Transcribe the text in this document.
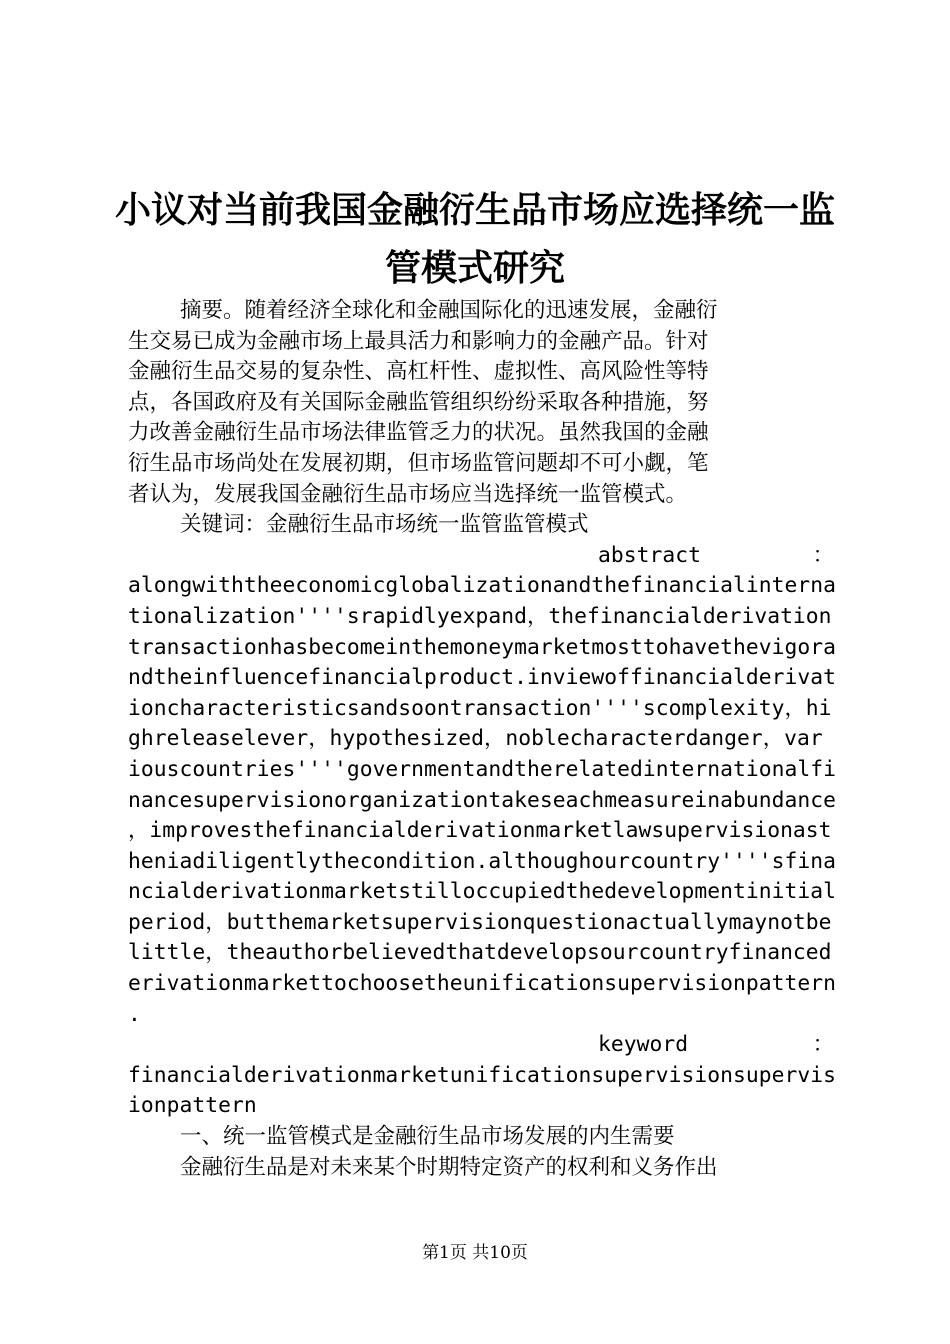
小议对当前我国金融衍生品市场应选择统一监
管模式研究
摘要。随着经济全球化和金融国际化的迅速发展，金融衍
生交易已成为金融市场上最具活力和影响力的金融产品。针对
金融衍生品交易的复杂性、高杠杆性、虚拟性、高风险性等特
点，各国政府及有关国际金融监管组织纷纷采取各种措施，努
力改善金融衍生品市场法律监管乏力的状况。虽然我国的金融
衍生品市场尚处在发展初期，但市场监管问题却不可小觑，笔
者认为，发展我国金融衍生品市场应当选择统一监管模式。
关键词：金融衍生品市场统一监管监管模式
abstract	：
alongwiththeeconomicglobalizationandthefinancialinterna
tionalization''''srapidlyexpand，thefinancialderivation
transactionhasbecomeinthemoneymarketmosttohavethevigora
ndtheinfluencefinancialproduct.inviewoffinancialderivat
ioncharacteristicsandsoontransaction''''scomplexity，hi
ghreleaselever，hypothesized，noblecharacterdanger，var
iouscountries''''governmentandtherelatedinternationalfi
nancesupervisionorganizationtakeseachmeasureinabundance
，improvesthefinancialderivationmarketlawsupervisionast
heniadiligentlythecondition.althoughourcountry''''sfina
ncialderivationmarketstilloccupiedthedevelopmentinitial
period，butthemarketsupervisionquestionactuallymaynotbe
little，theauthorbelievedthatdevelopsourcountryfinanced
erivationmarkettochoosetheunificationsupervisionpattern
.
keyword	：
financialderivationmarketunificationsupervisionsupervis
ionpattern
一、统一监管模式是金融衍生品市场发展的内生需要
金融衍生品是对未来某个时期特定资产的权利和义务作出
第1页 共10页
